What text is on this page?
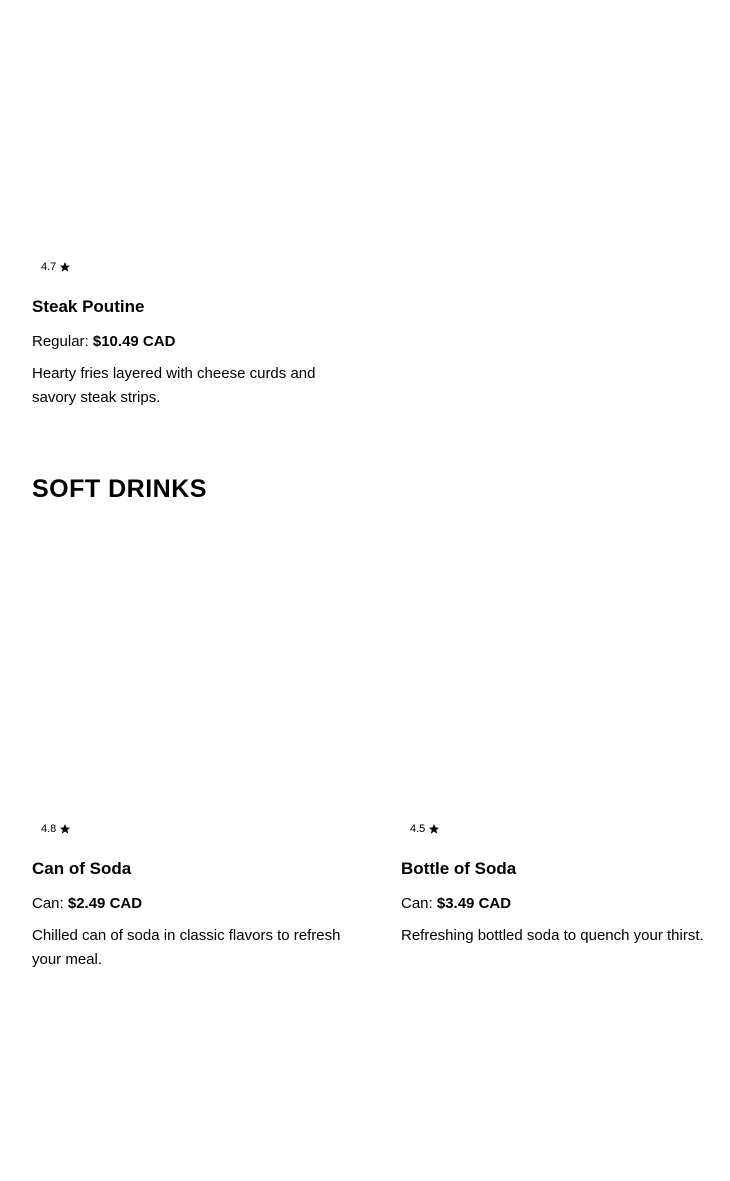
4.7
Steak Poutine
Regular: $10.49 CAD
Hearty fries layered with cheese curds and savory steak strips.
SOFT DRINKS
4.8
Can of Soda
Can: $2.49 CAD
Chilled can of soda in classic flavors to refresh your meal.
4.5
Bottle of Soda
Can: $3.49 CAD
Refreshing bottled soda to quench your thirst.
